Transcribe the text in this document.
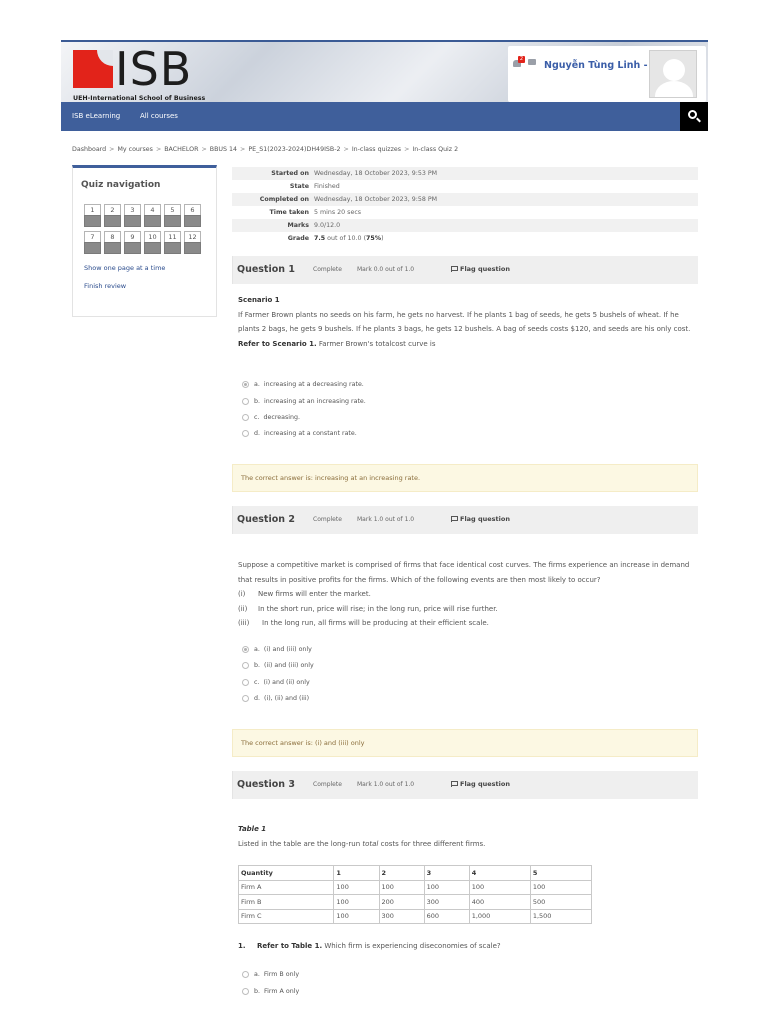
ISB
UEH-International School of Business
2
Nguyễn Tùng Linh -
ISB eLearning	All courses
Dashboard > My courses > BACHELOR > BBUS 14 > PE_S1(2023-2024)DH49ISB-2 > In-class quizzes > In-class Quiz 2
Quiz navigation
1	2	3	4	5	6
7	8	9	10	11	12
Show one page at a time
Finish review
Started on Wednesday, 18 October 2023, 9:53 PM
State Finished
Completed on Wednesday, 18 October 2023, 9:58 PM
Time taken 5 mins 20 secs
Marks 9.0/12.0
Grade 7.5 out of 10.0 (75%)
Question 1	Complete	Mark 0.0 out of 1.0	Flag question
Scenario 1
If Farmer Brown plants no seeds on his farm, he gets no harvest. If he plants 1 bag of seeds, he gets 5 bushels of wheat. If he plants 2 bags, he gets 9 bushels. If he plants 3 bags, he gets 12 bushels. A bag of seeds costs $120, and seeds are his only cost.
Refer to Scenario 1. Farmer Brown's totalcost curve is
a.
increasing at a decreasing rate.
b.
increasing at an increasing rate.
c.
decreasing.
d.
increasing at a constant rate.
The correct answer is: increasing at an increasing rate.
Question 2	Complete	Mark 1.0 out of 1.0	Flag question
Suppose a competitive market is comprised of firms that face identical cost curves. The firms experience an increase in demand that results in positive profits for the firms. Which of the following events are then most likely to occur?
(i) New firms will enter the market.
(ii) In the short run, price will rise; in the long run, price will rise further.
(iii) In the long run, all firms will be producing at their efficient scale.
a.
(i) and (iii) only
b.
(ii) and (iii) only
c.
(i) and (ii) only
d.
(i), (ii) and (iii)
The correct answer is: (i) and (iii) only
Question 3	Complete	Mark 1.0 out of 1.0	Flag question
Table 1
Listed in the table are the long-run total costs for three different firms.
Quantity	1	2	3	4	5
Firm A	100	100	100	100	100
Firm B	100	200	300	400	500
Firm C	100	300	600	1,000	1,500
1. Refer to Table 1. Which firm is experiencing diseconomies of scale?
a.
Firm B only
b.
Firm A only
